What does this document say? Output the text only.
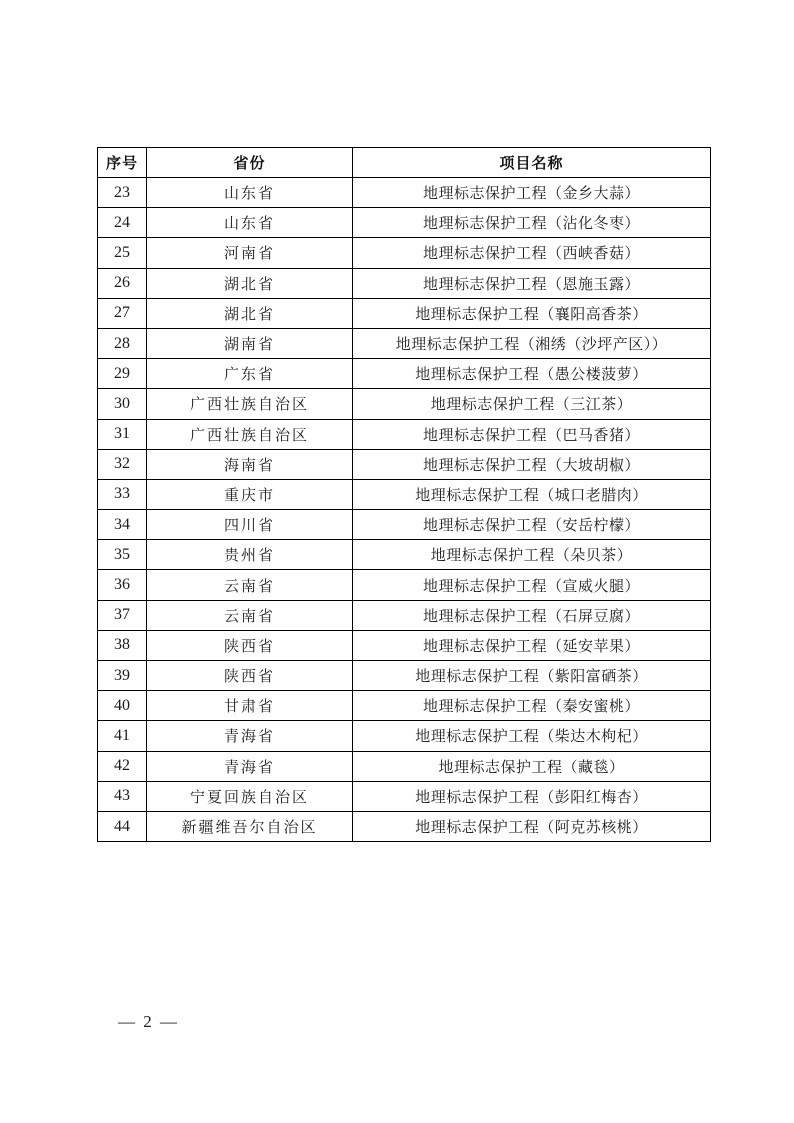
序号	省份	项目名称
23	山东省	地理标志保护工程（金乡大蒜）
24	山东省	地理标志保护工程（沾化冬枣）
25	河南省	地理标志保护工程（西峡香菇）
26	湖北省	地理标志保护工程（恩施玉露）
27	湖北省	地理标志保护工程（襄阳高香茶）
28	湖南省	地理标志保护工程（湘绣（沙坪产区））
29	广东省	地理标志保护工程（愚公楼菠萝）
30	广西壮族自治区	地理标志保护工程（三江茶）
31	广西壮族自治区	地理标志保护工程（巴马香猪）
32	海南省	地理标志保护工程（大坡胡椒）
33	重庆市	地理标志保护工程（城口老腊肉）
34	四川省	地理标志保护工程（安岳柠檬）
35	贵州省	地理标志保护工程（朵贝茶）
36	云南省	地理标志保护工程（宣威火腿）
37	云南省	地理标志保护工程（石屏豆腐）
38	陕西省	地理标志保护工程（延安苹果）
39	陕西省	地理标志保护工程（紫阳富硒茶）
40	甘肃省	地理标志保护工程（秦安蜜桃）
41	青海省	地理标志保护工程（柴达木枸杞）
42	青海省	地理标志保护工程（藏毯）
43	宁夏回族自治区	地理标志保护工程（彭阳红梅杏）
44	新疆维吾尔自治区	地理标志保护工程（阿克苏核桃）
— 2 —
